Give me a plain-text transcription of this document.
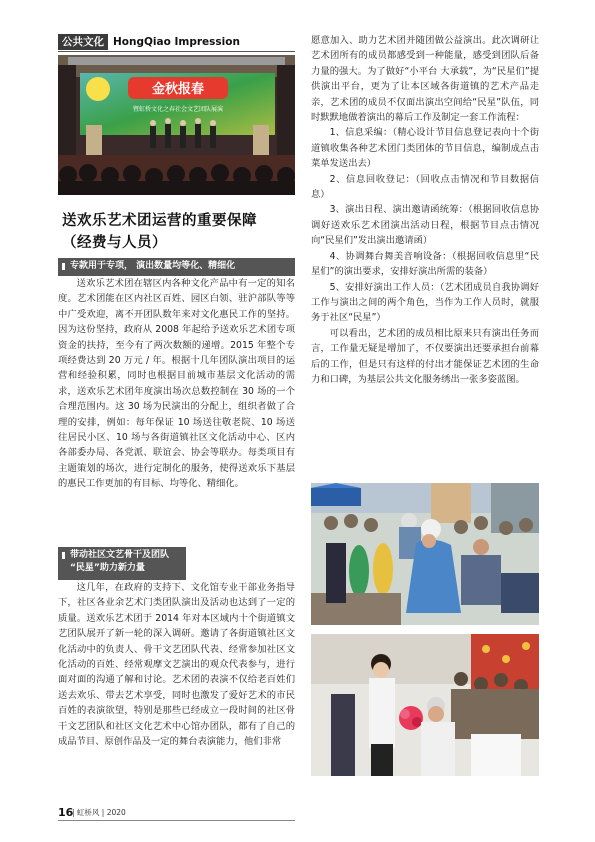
公共文化 HongQiao Impression
金秋报春
暨虹桥文化之春社会文艺团队展演
送欢乐艺术团运营的重要保障
（经费与人员）
专款用于专项， 演出数量均等化、精细化

送欢乐艺术团在辖区内各种文化产品中有一定的知名度。艺术团能在区内社区百姓、园区白领、驻沪部队等等中广受欢迎，离不开团队数年来对文化惠民工作的坚持。因为这份坚持，政府从 2008 年起给予送欢乐艺术团专项资金的扶持，至今有了两次数额的递增。2015 年整个专项经费达到 20 万元 / 年。根据十几年团队演出项目的运营和经验积累，同时也根据目前城市基层文化活动的需求，送欢乐艺术团年度演出场次总数控制在 30 场的一个合理范围内。这 30 场为民演出的分配上，组织者做了合理的安排，例如：每年保证 10 场送往敬老院、10 场送往居民小区、10 场与各街道镇社区文化活动中心、区内各部委办局、各党派、联谊会、协会等联办。每类项目有主题策划的场次，进行定制化的服务，使得送欢乐下基层的惠民工作更加的有目标、均等化、精细化。

带动社区文艺骨干及团队
“民星”助力新力量

这几年，在政府的支持下、文化馆专业干部业务指导下，社区各业余艺术门类团队演出及活动也达到了一定的质量。送欢乐艺术团于 2014 年对本区域内十个街道镇文艺团队展开了新一轮的深入调研。邀请了各街道镇社区文化活动中的负责人、骨干文艺团队代表、经常参加社区文化活动的百姓、经常观摩文艺演出的观众代表参与，进行面对面的沟通了解和讨论。艺术团的表演不仅给老百姓们送去欢乐、带去艺术享受，同时也激发了爱好艺术的市民百姓的表演欲望，特别是那些已经成立一段时间的社区骨干文艺团队和社区文化艺术中心馆办团队，都有了自己的成品节目、原创作品及一定的舞台表演能力，他们非常

愿意加入、助力艺术团并随团做公益演出。此次调研让艺术团所有的成员都感受到一种能量，感受到团队后备力量的强大。为了做好“小平台 大承载”，为“民星们”提供演出平台，更为了让本区域各街道镇的艺术产品走亲，艺术团的成员不仅面出演出空间给“民星”队伍，同时默默地做着演出的幕后工作及制定一套工作流程：

1、信息采编：（精心设计节目信息登记表向十个街道镇收集各种艺术团门类团体的节目信息，编制成点击菜单发送出去）

2、信息回收登记：（回收点击情况和节目数据信息）

3、演出日程、演出邀请函统筹：（根据回收信息协调好送欢乐艺术团演出活动日程，根据节目点击情况向“民星们”发出演出邀请函）

4、协调舞台舞美音响设备：（根据回收信息里“民星们”的演出要求，安排好演出所需的装备）

5、安排好演出工作人员：（艺术团成员自我协调好工作与演出之间的两个角色，当作为工作人员时，就服务于社区“民星”）

可以看出，艺术团的成员相比原来只有演出任务而言，工作量无疑是增加了，不仅要演出还要承担台前幕后的工作，但是只有这样的付出才能保证艺术团的生命力和口碑，为基层公共文化服务绣出一张多姿蓝图。

16
| 虹桥风 | 2020
